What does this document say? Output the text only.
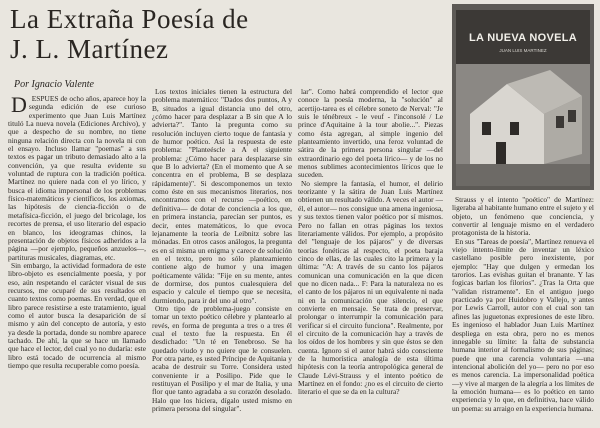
La Extraña Poesía de
J. L. Martínez
Por Ignacio Valente

DESPUES de ocho años, aparece hoy la segunda edición de ese curioso experimento que Juan Luis Martínez tituló La nueva novela (Ediciones Archivo), y que a despecho de su nombre, no tiene ninguna relación directa con la novela ni con el ensayo. Incluso llamar "poemas" a sus textos es pagar un tributo demasiado alto a la convención, ya que resulta evidente su voluntad de ruptura con la tradición poética. Martínez no quiere nada con el yo lírico, y busca el idioma impersonal de los problemas físico-matemáticos y científicos, los axiomas, las hipótesis de ciencia-ficción o de metafísica-ficción, el juego del bricolage, los recortes de prensa, el uso literario del espacio en blanco, los ideogramas chinos, la presentación de objetos físicos adheridos a la página —por ejemplo, pequeños anzuelos—, partituras musicales, diagramas, etc.

Sin embargo, la actividad formadora de este libro-objeto es esencialmente poesía, y por eso, aún respetando el carácter visual de sus recursos, me ocuparé de sus resultados en cuanto textos como poemas. En verdad, que el libro parece resistirse a este tratamiento, igual como el autor busca la desaparición de sí mismo y aún del concepto de autoría, y esto ya desde la portada, donde su nombre aparece tachado. De ahí, la que se hace un llamado que hace el lector, del cual yo no dudaría: este libro está tocado de ocurrencia al mismo tiempo que resulta recuperable como poesía.

Los textos iniciales tienen la estructura del problema matemático: "Dados dos puntos, A y B, situados a igual distancia uno del otro, ¿cómo hacer para desplazar a B sin que A lo advierta?". Tanto la pregunta como su resolución incluyen cierto toque de fantasía y de humor poético. Así la respuesta de este problema: "Planteéscle a A el siguiente problema: ¿Cómo hacer para desplazarse sin que B lo advierta? (En el momento que A se concentra en el problema, B se desplaza rápidamente)". Si descomponemos un texto como éste en sus mecanismos literarios, nos encontramos con el recurso —poético, en definitiva— de dotar de conciencia a los que, en primera instancia, parecían ser puntos, es decir, entes matemáticos, lo que evoca lejanamente la teoría de Leibnitz sobre las mónadas. En otros casos análogos, la pregunta es en sí misma un enigma y carece de solución en el texto, pero no sólo planteamiento contiene algo de humor y una imagen poéticamente válida: "Fije en su mente, antes de dormirse, dos puntos cualesquiera del espacio y calcule el tiempo que se necesita, durmiendo, para ir del uno al otro".

Otro tipo de problema-juego consiste en tomar un texto poético célebre y plantearlo al revés, en forma de pregunta a tres o a tres él cual el texto fue la respuesta. En él desdichado: "Un té en Tenebroso. Se ha quedado viudo y no quiere que le consuelen. Por otra parte, es usted Príncipe de Aquitania y acaba de destruir su Torre. Considera usted conveniente ir a Posilipo. Pide que le restituyan el Posilipo y el mar de Italia, y una flor que tanto agradaba a su corazón desolado. Halo que los hiciera, dígalo usted mismo en primera persona del singular".

lar". Como habrá comprendido el lector que conoce la poesía moderna, la "solución" al acertijo-tarea es el célebre soneto de Nerval: "Je suis le ténébreux - le veuf - l'inconsolé / Le prince d'Aquitaine à la tour abolie...". Piezas como ésta agregan, al simple ingenio del planteamiento invertido, una feroz voluntad de sátira de la primera persona singular —del extraordinario ego del poeta lírico— y de los no menos sublimes acontecimientos líricos que le suceden.

No siempre la fantasía, el humor, el delirio teorizante y la sátira de Juan Luis Martínez obtienen un resultado válido. A veces el autor —él, el autor— nos consigue una amena ingeniosa, y sus textos tienen valor poético por sí mismos. Pero no fallan en otras páginas los textos literariamente válidos. Por ejemplo, a propósito del "lenguaje de los pájaros" y de diversas teorías fonéticas al respecto, el poeta baraja cinco de ellas, de las cuales cito la primera y la última: "A: A través de su canto los pájaros comunican una comunicación en la que dicen que no dicen nada... F: Para la naturaleza no es el canto de los pájaros ni un equivalente ni nada ni en la comunicación que silencio, el que convierte en mensaje. Se trata de preservar, prolongar o interrumpir la comunicación para verificar si el circuito funciona". Realmente, por el circuito de la comunicación hay a través de los oídos de los hombres y sin que éstos se den cuenta. Ignoro si el autor habrá sido consciente de la humorística analogía de esta última hipótesis con la teoría antropológica general de Claude Lévi-Strauss y el intento poético de Martínez en el fondo: ¿no es el circuito de cierto literario el que se da en la cultura?

LA NUEVA NOVELA
JUAN LUIS MARTINEZ

Strauss y el intento "poético" de Martínez: ligeraba al habitante humano entre el sujeto y el objeto, un fenómeno que conciencia, y convertir al lenguaje mismo en el verdadero protagonista de la historia.

En sus "Tareas de poesía", Martínez renueva el viejo intento-límite de inventar un léxico castellano posible pero inexistente, por ejemplo: "Hay que dulgen y ermedan los tarorios. Las evishas guitan el branante. Y las fogicas barlan los filorios". ¿Tras la Orta que "validan ristramente". En el antiguo juego practicado ya por Huidobro y Vallejo, y antes por Lewis Carroll, autor con el cual son tan afines las juguetonas expresiones de este libro. Es ingenioso el hablador Juan Luis Martínez despliega en esta obra, pero no es menos innegable su límite: la falta de substancia humana interior al formalismo de sus páginas; puede que una carencia voluntaria —una intencional abolición del yo— pero no por eso es menos carencia. La impersonalidad poética —y vive al margen de la alegría a los límites de la emoción humana— es lo poético en tanto experiencia y lo que, en definitiva, hace válido un poema: su arraigo en la experiencia humana.
